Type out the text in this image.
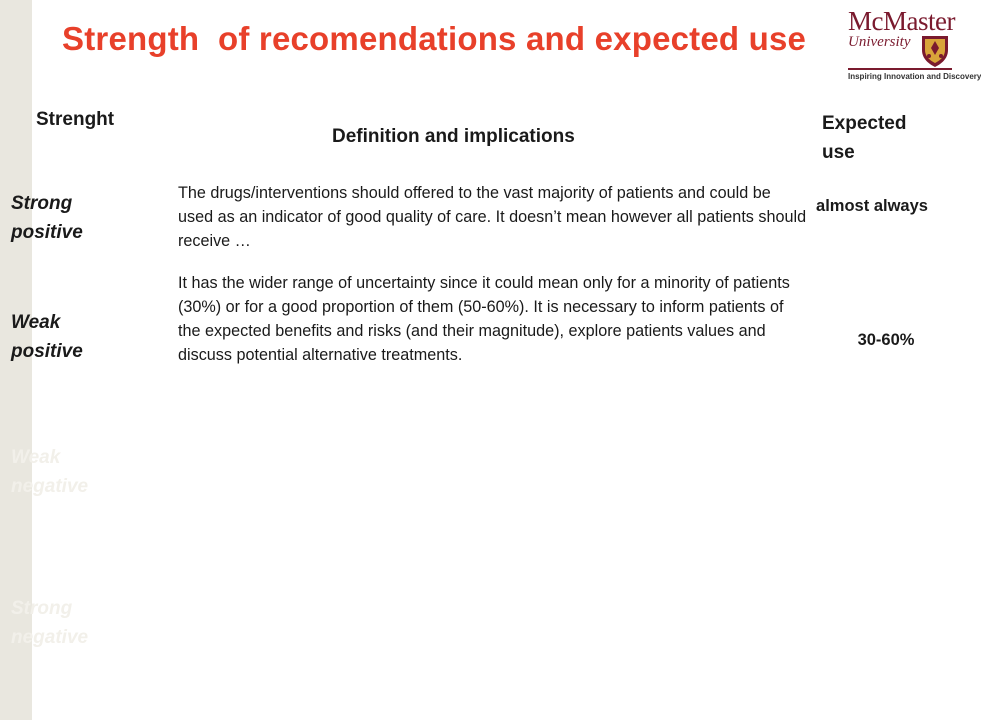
Strength  of recomendations and expected use McMaster
University
Inspiring Innovation and Discovery
Strenght
Definition and implications
Expected use
Strong positive
The drugs/interventions should offered to the vast majority of patients and could be used as an indicator of good quality of care. It doesn’t mean however all patients should receive …
almost always
Weak positive
It has the wider range of uncertainty since it could mean only for a minority of patients (30%) or for a good proportion of them (50-60%). It is necessary to inform patients of the expected benefits and risks (and their magnitude), explore patients values and discuss potential alternative treatments.
30-60%
Weak negative
Strong negative
